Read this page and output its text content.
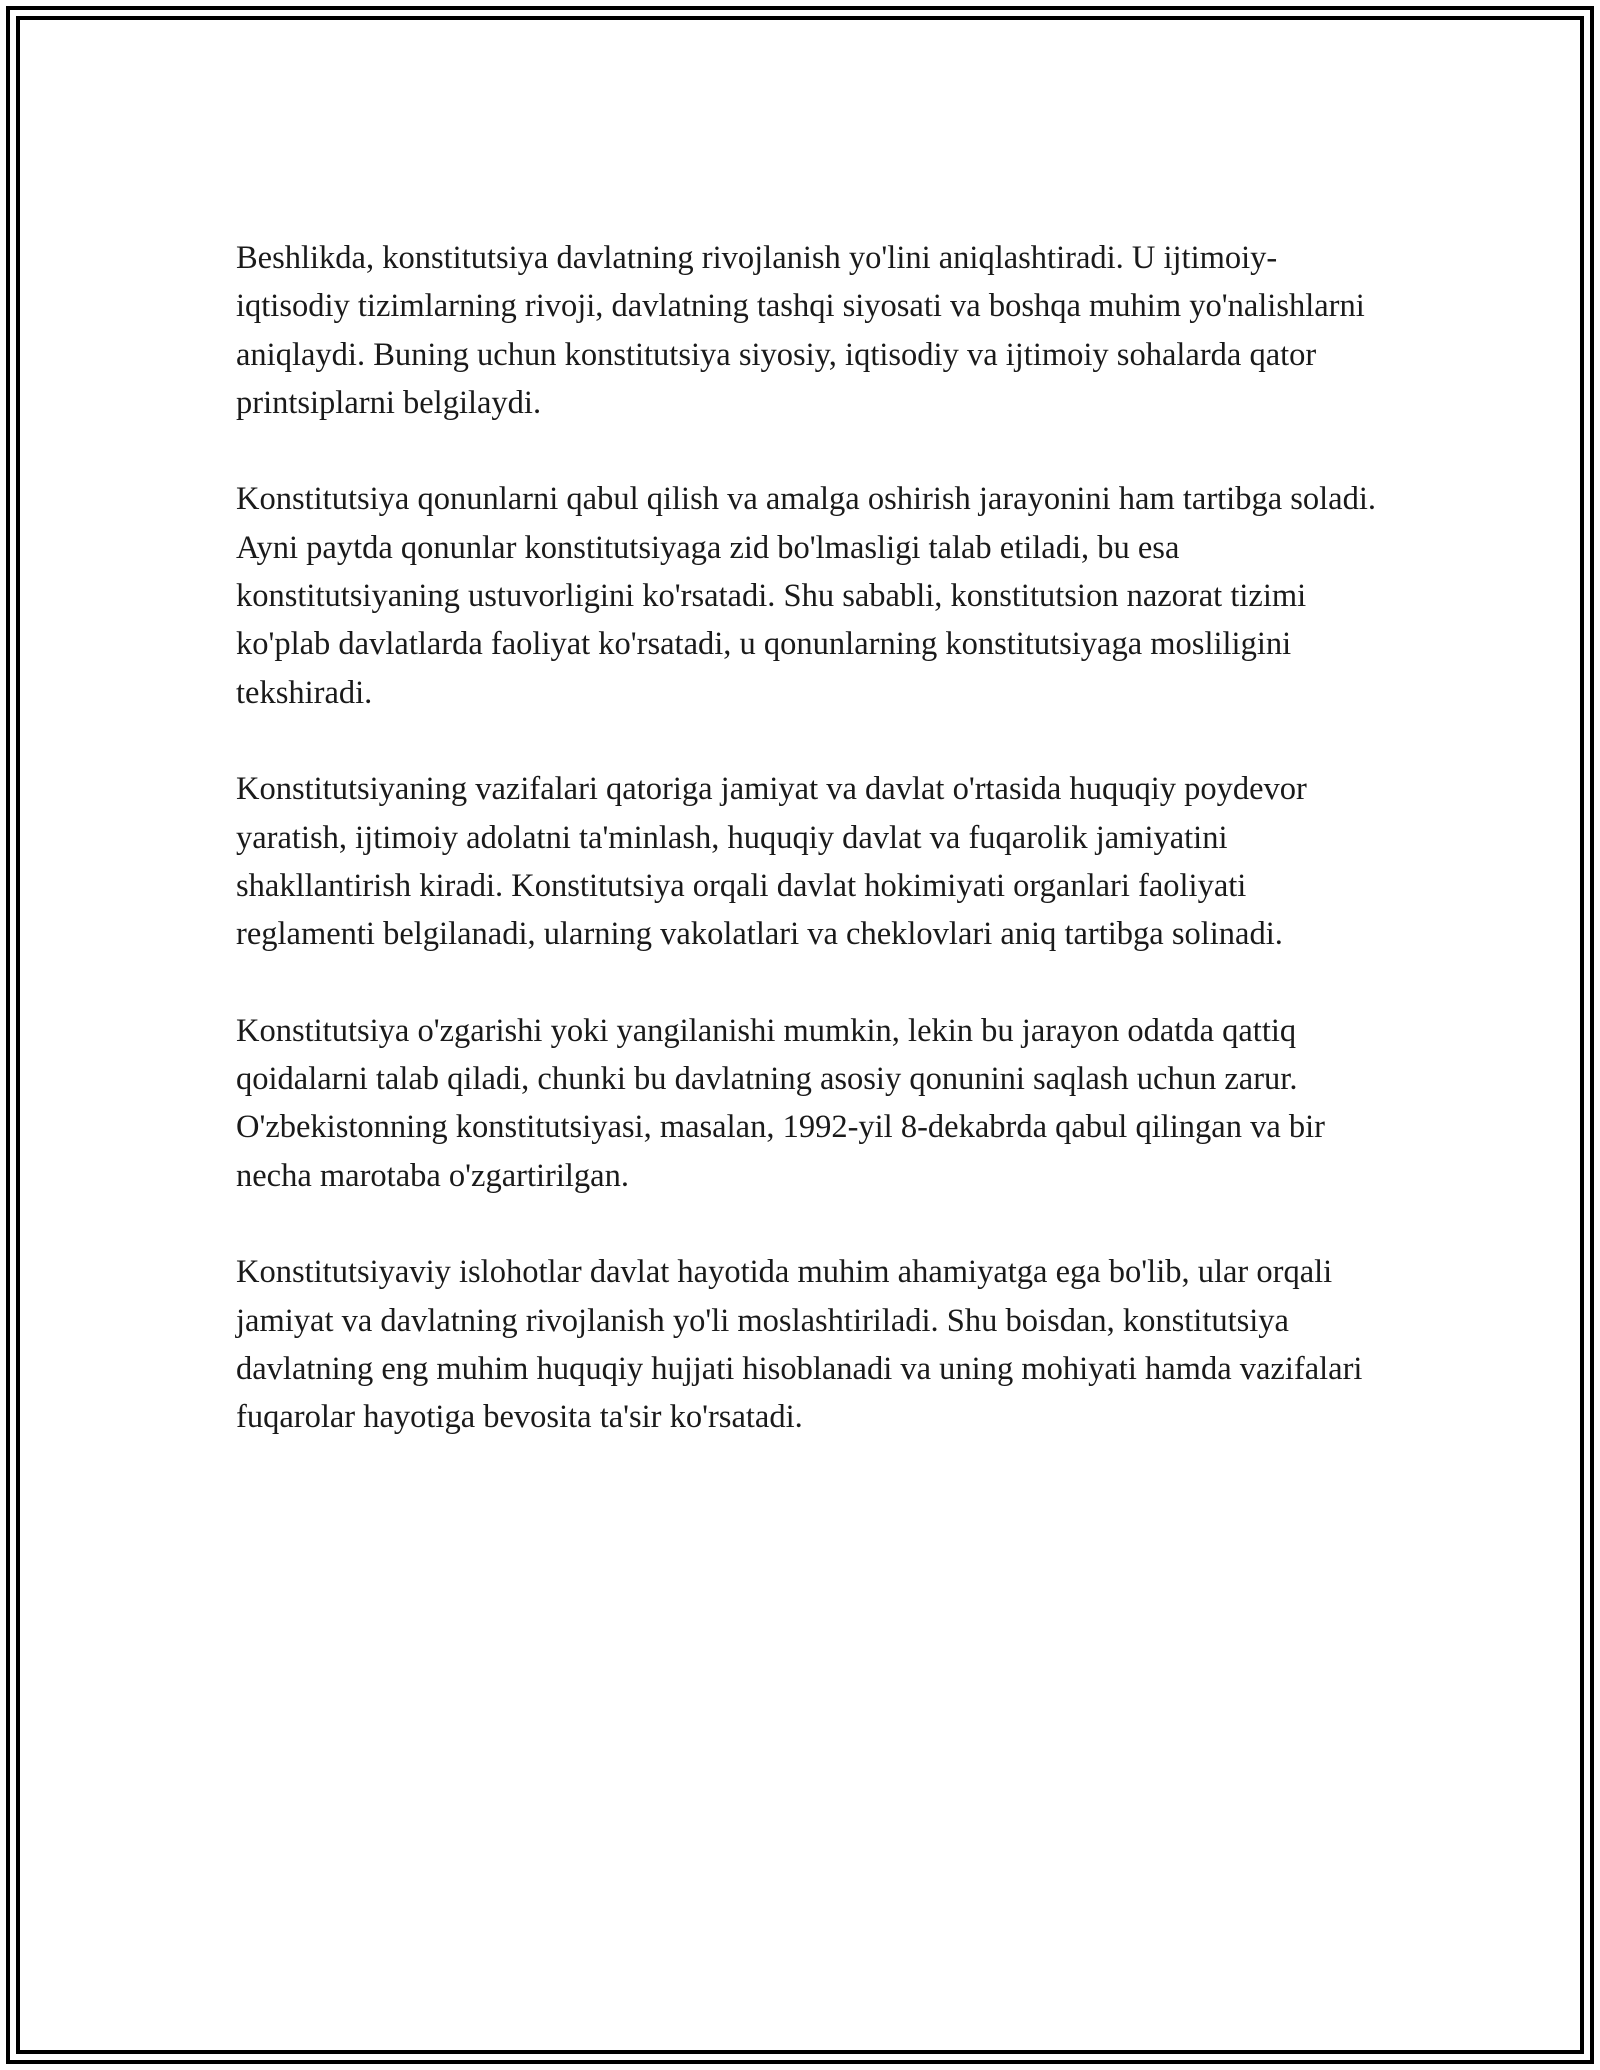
Beshlikda, konstitutsiya davlatning rivojlanish yo'lini aniqlashtiradi. U ijtimoiy-iqtisodiy tizimlarning rivoji, davlatning tashqi siyosati va boshqa muhim yo'nalishlarni aniqlaydi. Buning uchun konstitutsiya siyosiy, iqtisodiy va ijtimoiy sohalarda qator printsiplarni belgilaydi.

Konstitutsiya qonunlarni qabul qilish va amalga oshirish jarayonini ham tartibga soladi. Ayni paytda qonunlar konstitutsiyaga zid bo'lmasligi talab etiladi, bu esa konstitutsiyaning ustuvorligini ko'rsatadi. Shu sababli, konstitutsion nazorat tizimi ko'plab davlatlarda faoliyat ko'rsatadi, u qonunlarning konstitutsiyaga mosliligini tekshiradi.

Konstitutsiyaning vazifalari qatoriga jamiyat va davlat o'rtasida huquqiy poydevor yaratish, ijtimoiy adolatni ta'minlash, huquqiy davlat va fuqarolik jamiyatini shakllantirish kiradi. Konstitutsiya orqali davlat hokimiyati organlari faoliyati reglamenti belgilanadi, ularning vakolatlari va cheklovlari aniq tartibga solinadi.

Konstitutsiya o'zgarishi yoki yangilanishi mumkin, lekin bu jarayon odatda qattiq qoidalarni talab qiladi, chunki bu davlatning asosiy qonunini saqlash uchun zarur. O'zbekistonning konstitutsiyasi, masalan, 1992-yil 8-dekabrda qabul qilingan va bir necha marotaba o'zgartirilgan.

Konstitutsiyaviy islohotlar davlat hayotida muhim ahamiyatga ega bo'lib, ular orqali jamiyat va davlatning rivojlanish yo'li moslashtiriladi. Shu boisdan, konstitutsiya davlatning eng muhim huquqiy hujjati hisoblanadi va uning mohiyati hamda vazifalari fuqarolar hayotiga bevosita ta'sir ko'rsatadi.
